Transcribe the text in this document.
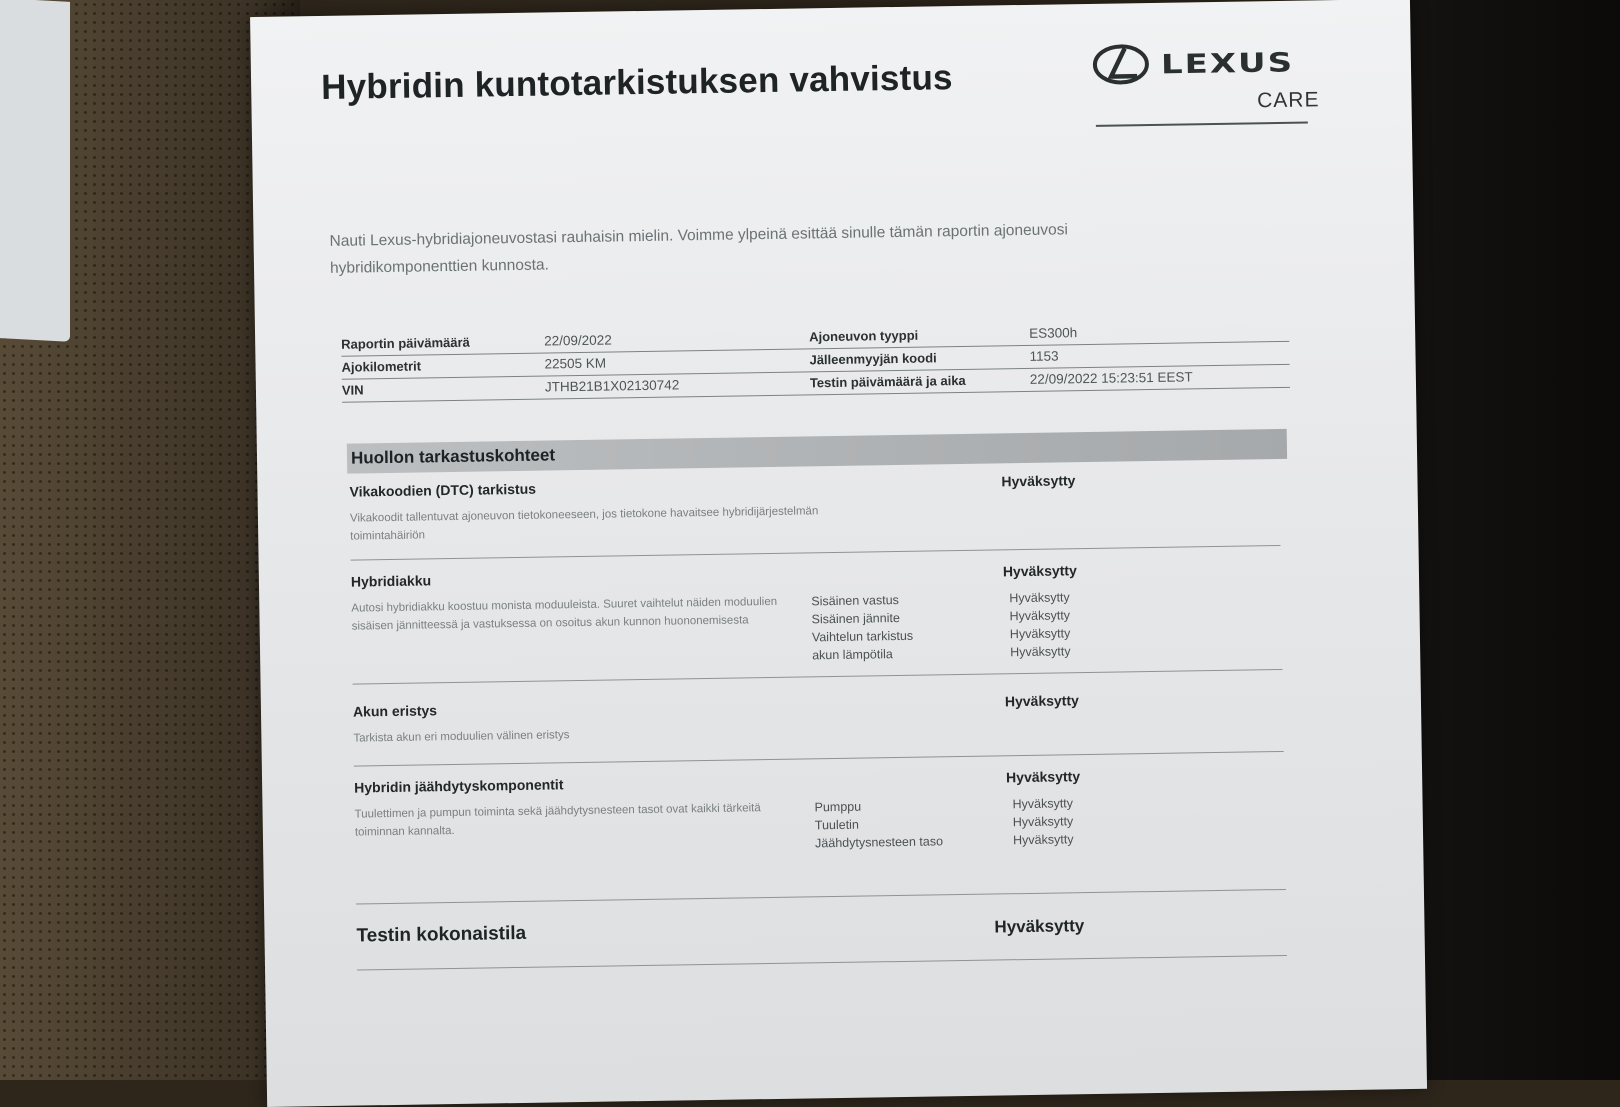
Hybridin kuntotarkistuksen vahvistus	LEXUS
CARE
Nauti Lexus-hybridiajoneuvostasi rauhaisin mielin. Voimme ylpeinä esittää sinulle tämän raportin ajoneuvosi hybridikomponenttien kunnosta.
Raportin päivämäärä	22/09/2022	Ajoneuvon tyyppi	ES300h
Ajokilometrit	22505 KM	Jälleenmyyjän koodi	1153
VIN	JTHB21B1X02130742	Testin päivämäärä ja aika	22/09/2022 15:23:51 EEST
Huollon tarkastuskohteet
Vikakoodien (DTC) tarkistus
Vikakoodit tallentuvat ajoneuvon tietokoneeseen, jos tietokone havaitsee hybridijärjestelmän toimintahäiriön
Hyväksytty
Hybridiakku
Autosi hybridiakku koostuu monista moduuleista. Suuret vaihtelut näiden moduulien sisäisen jännitteessä ja vastuksessa on osoitus akun kunnon huononemisesta
Hyväksytty
Sisäinen vastus	Hyväksytty
Sisäinen jännite	Hyväksytty
Vaihtelun tarkistus	Hyväksytty
akun lämpötila	Hyväksytty
Akun eristys
Tarkista akun eri moduulien välinen eristys
Hyväksytty
Hybridin jäähdytyskomponentit
Tuulettimen ja pumpun toiminta sekä jäähdytysnesteen tasot ovat kaikki tärkeitä toiminnan kannalta.
Hyväksytty
Pumppu	Hyväksytty
Tuuletin	Hyväksytty
Jäähdytysnesteen taso	Hyväksytty
Testin kokonaistila	Hyväksytty
